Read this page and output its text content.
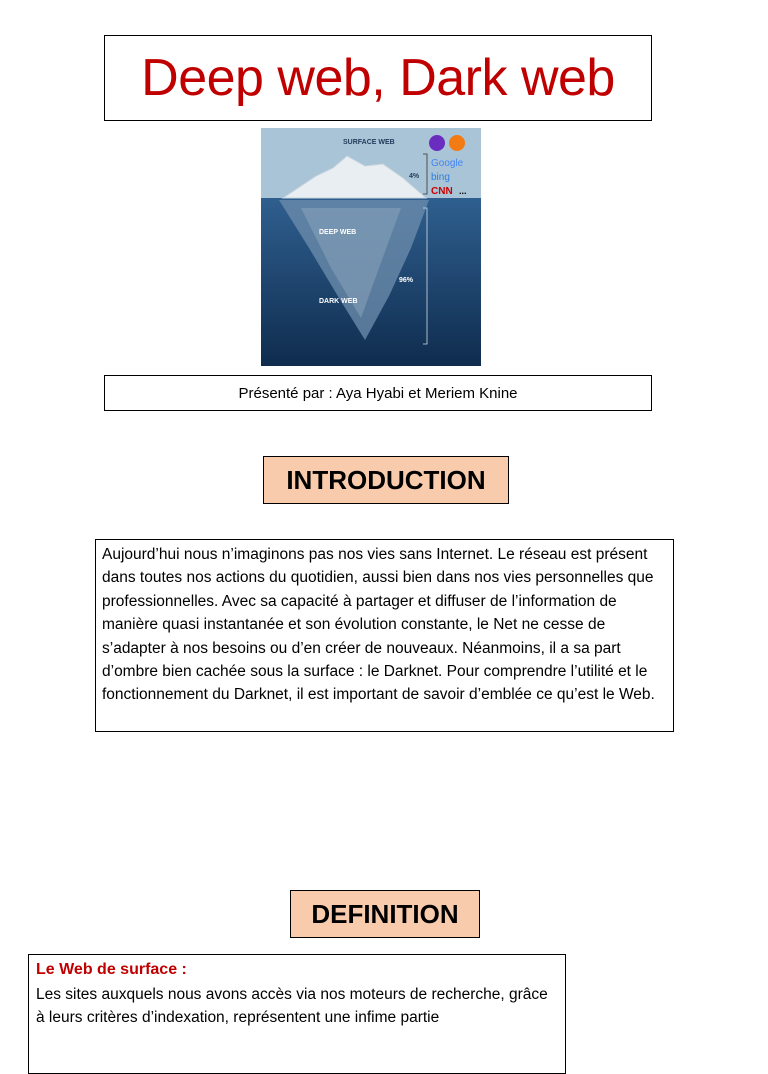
Deep web, Dark web
SURFACE WEB
DEEP WEB
DARK WEB
4%
96%
Google
bing
CNN ...
Présenté par : Aya Hyabi et Meriem Knine
INTRODUCTION

Aujourd’hui nous n’imaginons pas nos vies sans Internet. Le réseau est présent dans toutes nos actions du quotidien, aussi bien dans nos vies personnelles que professionnelles. Avec sa capacité à partager et diffuser de l’information de manière quasi instantanée et son évolution constante, le Net ne cesse de s’adapter à nos besoins ou d’en créer de nouveaux. Néanmoins, il a sa part d’ombre bien cachée sous la surface : le Darknet. Pour comprendre l’utilité et le fonctionnement du Darknet, il est important de savoir d’emblée ce qu’est le Web.

DEFINITION
Le Web de surface :

Les sites auxquels nous avons accès via nos moteurs de recherche, grâce à leurs critères d’indexation, représentent une infime partie
